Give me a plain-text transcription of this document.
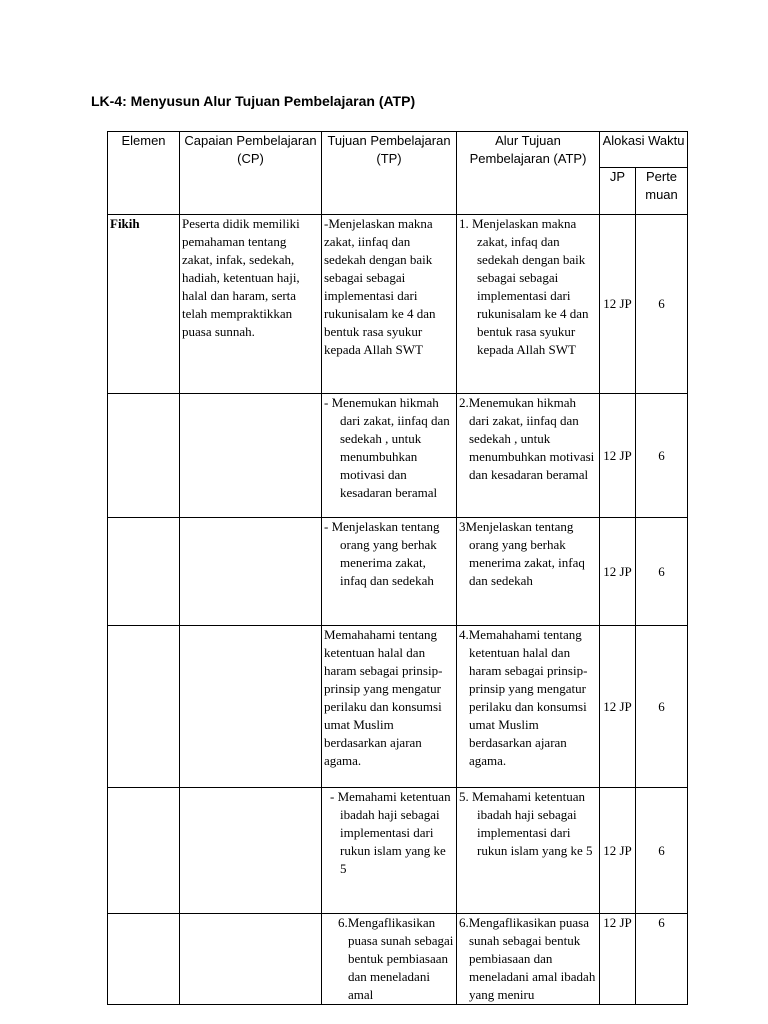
LK-4: Menyusun Alur Tujuan Pembelajaran (ATP)
Elemen	Capaian Pembelajaran (CP)	Tujuan Pembelajaran (TP)	Alur Tujuan Pembelajaran (ATP)	Alokasi Waktu	
				JP	Perte muan
Fikih	Peserta didik memiliki pemahaman tentang zakat, infak, sedekah, hadiah, ketentuan haji, halal dan haram, serta telah mempraktikkan puasa sunnah.	-Menjelaskan makna zakat, iinfaq dan sedekah dengan baik sebagai sebagai implementasi dari rukunisalam ke 4 dan bentuk rasa syukur kepada Allah SWT	1. Menjelaskan makna zakat, infaq dan sedekah dengan baik sebagai sebagai implementasi dari rukunisalam ke 4 dan bentuk rasa syukur kepada Allah SWT	12 JP	6

		- Menemukan hikmah dari zakat, iinfaq dan sedekah , untuk menumbuhkan motivasi dan kesadaran beramal	2.Menemukan hikmah dari zakat, iinfaq dan sedekah , untuk menumbuhkan motivasi dan kesadaran beramal	12 JP	6

		- Menjelaskan tentang orang yang berhak menerima zakat, infaq dan sedekah	3Menjelaskan tentang orang yang berhak menerima zakat, infaq dan sedekah	12 JP	6
		Memahahami tentang ketentuan halal dan haram sebagai prinsip-prinsip yang mengatur perilaku dan konsumsi umat Muslim berdasarkan ajaran agama.	4.Memahahami tentang ketentuan halal dan haram sebagai prinsip-prinsip yang mengatur perilaku dan konsumsi umat Muslim berdasarkan ajaran agama.	12 JP	6

		- Memahami ketentuan ibadah haji sebagai implementasi dari rukun islam yang ke 5	5. Memahami ketentuan ibadah haji sebagai implementasi dari rukun islam yang ke 5	12 JP	6

		6.Mengaflikasikan puasa sunah sebagai bentuk pembiasaan dan meneladani amal	6.Mengaflikasikan puasa sunah sebagai bentuk pembiasaan dan meneladani amal ibadah yang meniru	12 JP	6
